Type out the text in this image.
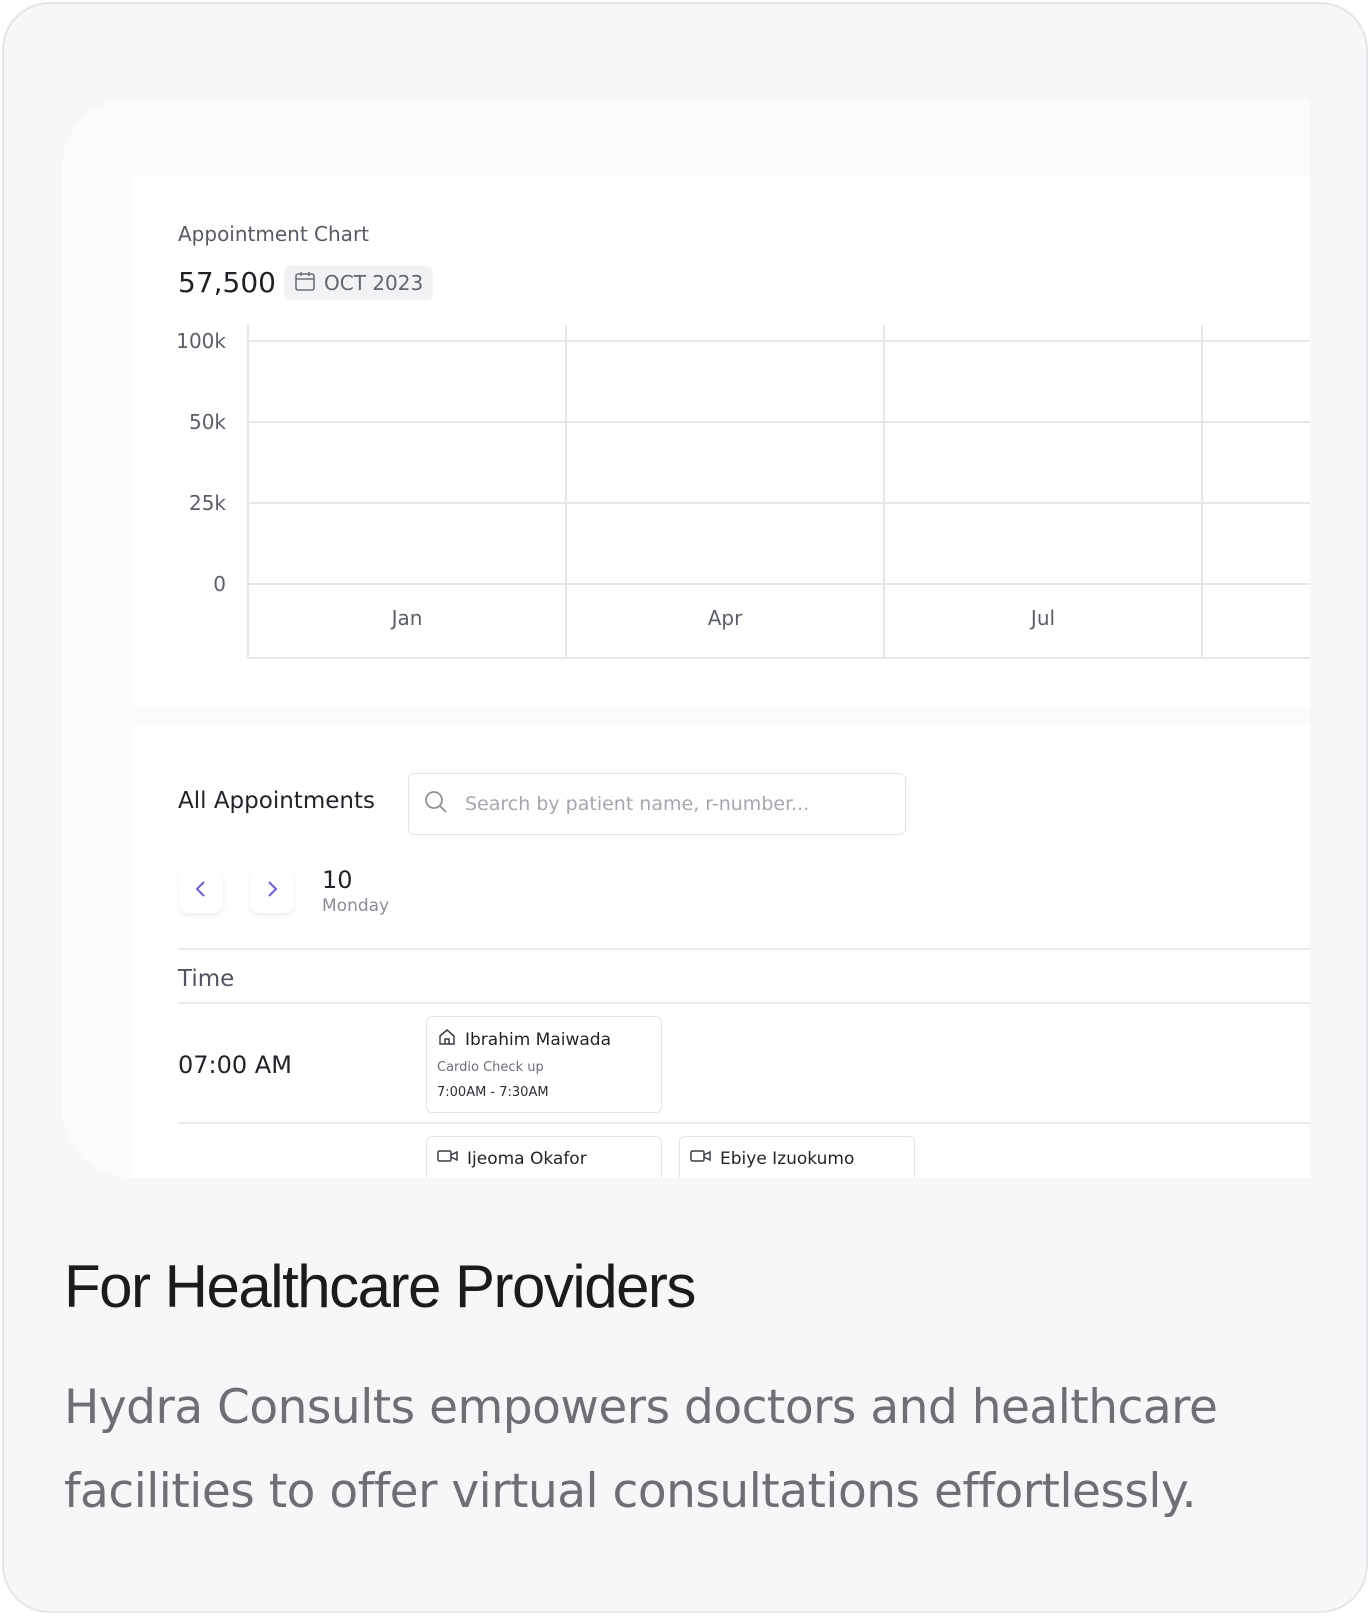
Appointment Chart
57,500 OCT 2023
100k
50k
25k
0
Jan	Apr	Jul
All Appointments
Search by patient name, r-number...
10
Monday
Time
07:00 AM
Ibrahim Maiwada
Cardio Check up
7:00AM - 7:30AM
Ijeoma Okafor	Ebiye Izuokumo
For Healthcare Providers
Hydra Consults empowers doctors and healthcare facilities to offer virtual consultations effortlessly.
